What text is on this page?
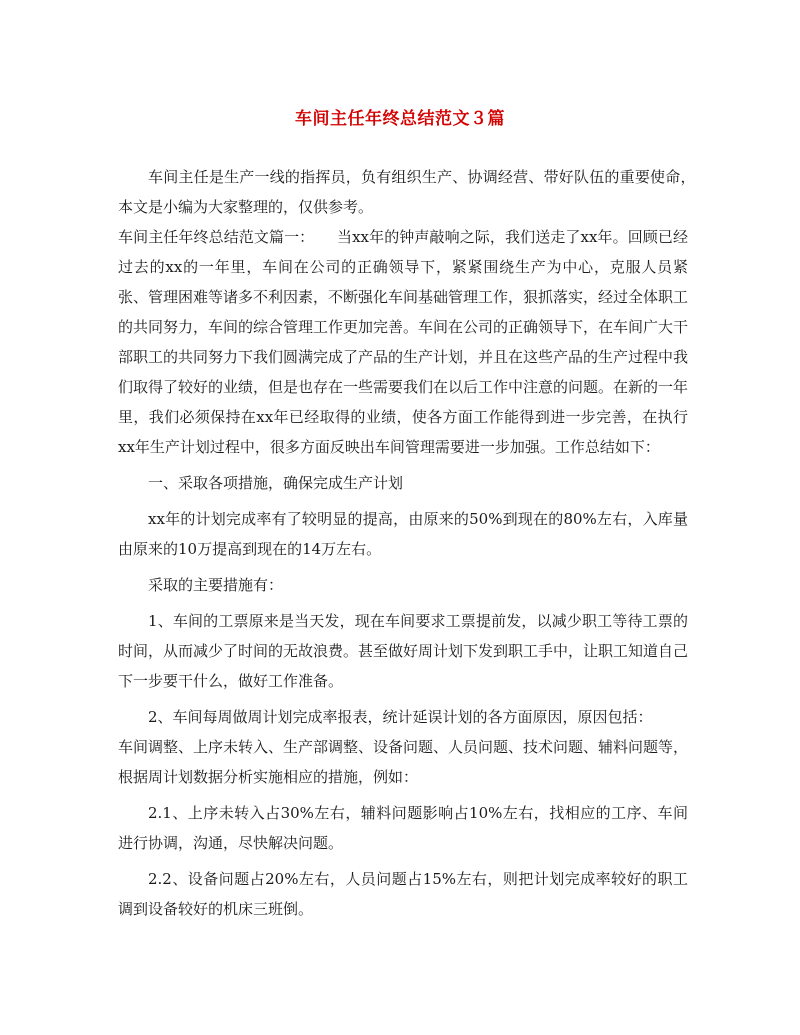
车间主任年终总结范文３篇

车间主任是生产一线的指挥员，负有组织生产、协调经营、带好队伍的重要使命，　本文是小编为大家整理的，仅供参考。

车间主任年终总结范文篇一：　　当xx年的钟声敲响之际，我们送走了xx年。回顾已经过去的xx的一年里，车间在公司的正确领导下，紧紧围绕生产为中心，克服人员紧张、管理困难等诸多不利因素，不断强化车间基础管理工作，狠抓落实，经过全体职工的共同努力，车间的综合管理工作更加完善。车间在公司的正确领导下，在车间广大干部职工的共同努力下我们圆满完成了产品的生产计划，并且在这些产品的生产过程中我们取得了较好的业绩，但是也存在一些需要我们在以后工作中注意的问题。在新的一年里，我们必须保持在xx年已经取得的业绩，使各方面工作能得到进一步完善，在执行xx年生产计划过程中，很多方面反映出车间管理需要进一步加强。工作总结如下：

一、采取各项措施，确保完成生产计划

xx年的计划完成率有了较明显的提高，由原来的50%到现在的80%左右，入库量由原来的10万提高到现在的14万左右。

采取的主要措施有：

1、车间的工票原来是当天发，现在车间要求工票提前发，以减少职工等待工票的时间，从而减少了时间的无故浪费。甚至做好周计划下发到职工手中，让职工知道自己下一步要干什么，做好工作准备。

2、车间每周做周计划完成率报表，统计延误计划的各方面原因，原因包括：

车间调整、上序未转入、生产部调整、设备问题、人员问题、技术问题、辅料问题等，根据周计划数据分析实施相应的措施，例如：

2.1、上序未转入占30%左右，辅料问题影响占10%左右，找相应的工序、车间进行协调，沟通，尽快解决问题。

2.2、设备问题占20%左右，人员问题占15%左右，则把计划完成率较好的职工调到设备较好的机床三班倒。
